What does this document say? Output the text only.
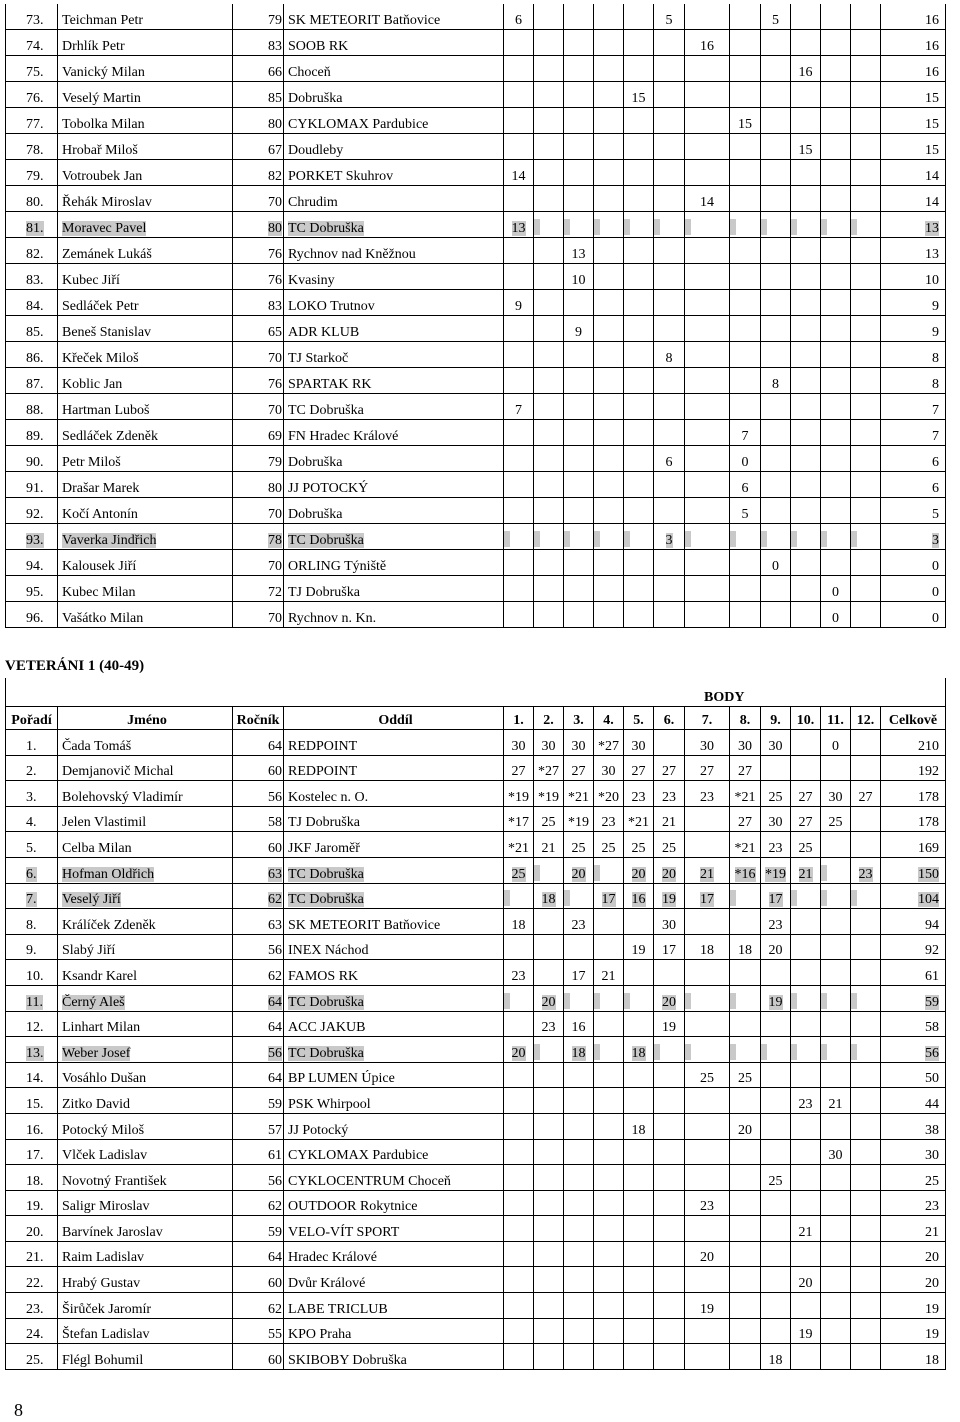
73.	Teichman Petr	79	SK METEORIT Batňovice	6					5			5				16
74.	Drhlík Petr	83	SOOB RK							16						16
75.	Vanický Milan	66	Choceň										16			16
76.	Veselý Martin	85	Dobruška					15								15
77.	Tobolka Milan	80	CYKLOMAX Pardubice								15					15
78.	Hrobař Miloš	67	Doudleby										15			15
79.	Votroubek Jan	82	PORKET Skuhrov	14												14
80.	Řehák Miroslav	70	Chrudim							14						14
81.	Moravec Pavel	80	TC Dobruška	13												13
82.	Zemánek Lukáš	76	Rychnov nad Kněžnou			13										13
83.	Kubec Jiří	76	Kvasiny			10										10
84.	Sedláček Petr	83	LOKO Trutnov	9												9
85.	Beneš Stanislav	65	ADR KLUB			9										9
86.	Křeček Miloš	70	TJ Starkoč						8							8
87.	Koblic Jan	76	SPARTAK RK									8				8
88.	Hartman Luboš	70	TC Dobruška	7												7
89.	Sedláček Zdeněk	69	FN Hradec Králové								7					7
90.	Petr Miloš	79	Dobruška						6		0					6
91.	Drašar Marek	80	JJ POTOCKÝ								6					6
92.	Kočí Antonín	70	Dobruška								5					5
93.	Vaverka Jindřich	78	TC Dobruška						3							3
94.	Kalousek Jiří	70	ORLING Týniště									0				0
95.	Kubec Milan	72	TJ Dobruška											0		0
96.	Vašátko Milan	70	Rychnov n. Kn.											0		0
VETERÁNI 1 (40-49)
				BODY												
Pořadí	Jméno	Ročník	Oddíl	1.	2.	3.	4.	5.	6.	7.	8.	9.	10.	11.	12.	Celkově
1.	Čada Tomáš	64	REDPOINT	30	30	30	*27	30		30	30	30		0		210
2.	Demjanovič Michal	60	REDPOINT	27	*27	27	30	27	27	27	27					192
3.	Bolehovský Vladimír	56	Kostelec n. O.	*19	*19	*21	*20	23	23	23	*21	25	27	30	27	178
4.	Jelen Vlastimil	58	TJ Dobruška	*17	25	*19	23	*21	21		27	30	27	25		178
5.	Celba Milan	60	JKF Jaroměř	*21	21	25	25	25	25		*21	23	25			169
6.	Hofman Oldřich	63	TC Dobruška	25		20		20	20	21	*16	*19	21		23	150
7.	Veselý Jiří	62	TC Dobruška		18		17	16	19	17		17				104
8.	Králíček Zdeněk	63	SK METEORIT Batňovice	18		23			30			23				94
9.	Slabý Jiří	56	INEX Náchod					19	17	18	18	20				92
10.	Ksandr Karel	62	FAMOS RK	23		17	21									61
11.	Černý Aleš	64	TC Dobruška		20				20			19				59
12.	Linhart Milan	64	ACC JAKUB		23	16			19							58
13.	Weber Josef	56	TC Dobruška	20		18		18								56
14.	Vosáhlo Dušan	64	BP LUMEN Úpice							25	25					50
15.	Zitko David	59	PSK Whirpool										23	21		44
16.	Potocký Miloš	57	JJ Potocký					18			20					38
17.	Vlček Ladislav	61	CYKLOMAX Pardubice											30		30
18.	Novotný František	56	CYKLOCENTRUM Choceň									25				25
19.	Saligr Miroslav	62	OUTDOOR Rokytnice							23						23
20.	Barvínek Jaroslav	59	VELO-VÍT SPORT										21			21
21.	Raim Ladislav	64	Hradec Králové							20						20
22.	Hrabý Gustav	60	Dvůr Králové										20			20
23.	Širůček Jaromír	62	LABE TRICLUB							19						19
24.	Štefan Ladislav	55	KPO Praha										19			19
25.	Flégl Bohumil	60	SKIBOBY Dobruška									18				18
8
